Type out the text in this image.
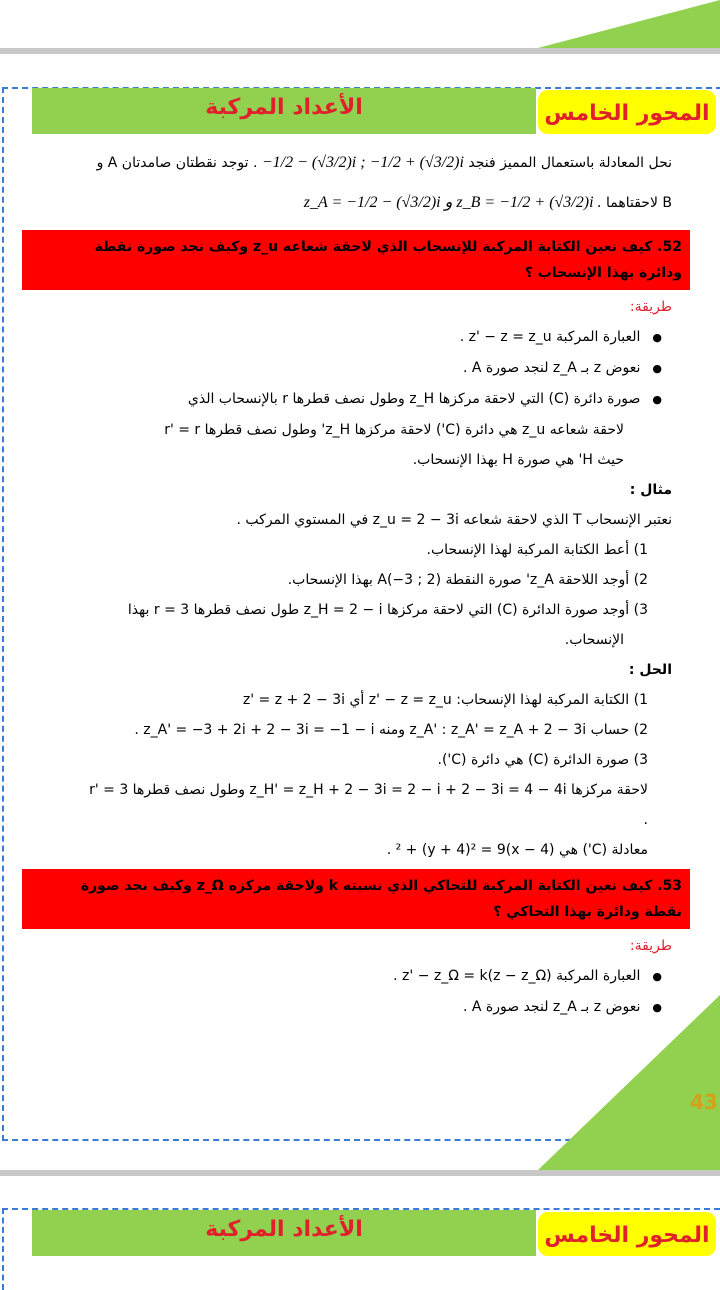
الأعداد المركبة	المحور الخامس
نحل المعادلة باستعمال المميز فنجد −1/2 − (√3/2)i ; −1/2 + (√3/2)i . توجد نقطتان صامدتان A و
B لاحقتاهما z_A = −1/2 − (√3/2)i و z_B = −1/2 + (√3/2)i .
52. كيف نعين الكتابة المركبة للإنسحاب الذي لاحقة شعاعه z_u وكيف نجد صورة نقطة
ودائرة بهذا الإنسحاب ؟
طريقة:
● العبارة المركبة z' − z = z_u .
● نعوض z بـ z_A لنجد صورة A .
● صورة دائرة (C) التي لاحقة مركزها z_H وطول نصف قطرها r بالإنسحاب الذي
لاحقة شعاعه z_u هي دائرة (C') لاحقة مركزها z_H' وطول نصف قطرها r' = r
حيث H' هي صورة H بهذا الإنسحاب.
مثال :
نعتبر الإنسحاب T الذي لاحقة شعاعه z_u = 2 − 3i في المستوي المركب .
1) أعط الكتابة المركبة لهذا الإنسحاب.
2) أوجد اللاحقة z_A' صورة النقطة A(−3 ; 2) بهذا الإنسحاب.
3) أوجد صورة الدائرة (C) التي لاحقة مركزها z_H = 2 − i طول نصف قطرها r = 3 بهذا
الإنسحاب.
الحل :
1) الكتابة المركبة لهذا الإنسحاب: z' − z = z_u أي z' = z + 2 − 3i
2) حساب z_A' : z_A' = z_A + 2 − 3i ومنه z_A' = −3 + 2i + 2 − 3i = −1 − i .
3) صورة الدائرة (C) هي دائرة (C').
لاحقة مركزها z_H' = z_H + 2 − 3i = 2 − i + 2 − 3i = 4 − 4i وطول نصف قطرها r' = 3
.
معادلة (C') هي (x − 4)² + (y + 4)² = 9 .
53. كيف نعين الكتابة المركبة للتحاكي الذي نسبته k ولاحقة مركزه z_Ω وكيف نجد صورة
نقطة ودائرة بهذا التحاكي ؟
طريقة:
● العبارة المركبة z' − z_Ω = k(z − z_Ω) .
● نعوض z بـ z_A لنجد صورة A .
43
الأعداد المركبة	المحور الخامس
